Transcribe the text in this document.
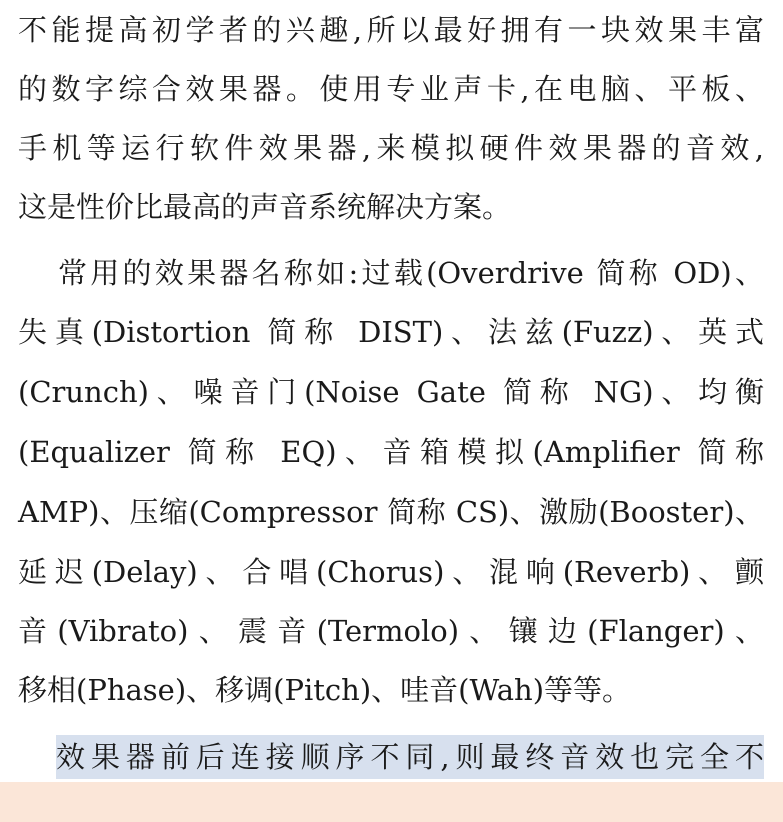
不能提高初学者的兴趣,所以最好拥有一块效果丰富
的数字综合效果器。使用专业声卡,在电脑、平板、
手机等运行软件效果器,来模拟硬件效果器的音效,
这是性价比最高的声音系统解决方案。
常用的效果器名称如:过载(Overdrive 简称 OD)、
失真(Distortion 简称 DIST)、法兹(Fuzz)、英式
(Crunch)、噪音门(Noise Gate 简称 NG)、均衡
(Equalizer 简称 EQ)、音箱模拟(Amplifier 简称
AMP)、压缩(Compressor 简称 CS)、激励(Booster)、
延迟(Delay)、合唱(Chorus)、混响(Reverb)、颤
音(Vibrato)、震音(Termolo)、镶边(Flanger)、
移相(Phase)、移调(Pitch)、哇音(Wah)等等。
效果器前后连接顺序不同,则最终音效也完全不
